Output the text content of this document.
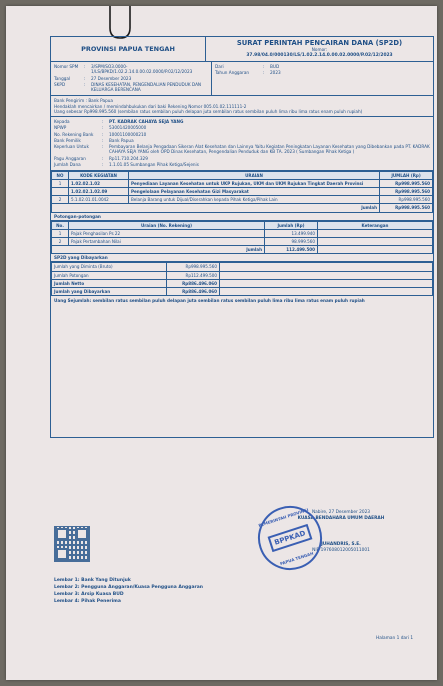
PROVINSI PAPUA TENGAH
SURAT PERINTAH PENCAIRAN DANA (SP2D)
Nomor:
37.98/04.0/000130/LS/1.02.2.14.0.00.02.0000/P.02/12/2023
Nomor SPM	:	3/SPM/SO3.0000-1/LS/BPKD/1.02.2.14.0.00.02.0000/P.02/12/2023
Tanggal	:	27 Desember 2023
SKPD	:	DINAS KESEHATAN, PENGENDALIAN PENDUDUK DAN KELUARGA BERENCANA
Dari	:	BUD
Tahun Anggaran	:	2023
Bank Pengirim : Bank Papua
Hendaklah mencairkan / memindahbukukan dari baki Rekening Nomor 005.01.02.111111-2
Uang sebesar Rp998.995.560 (sembilan ratus sembilan puluh delapan juta sembilan ratus sembilan puluh lima ribu lima ratus enam puluh rupiah)
Kepada	:	PT. KADRAK CAHAYA SEJA YANG
NPWP	:	53001420005000
No. Rekening Bank	:	10001100000210
Bank Pemilik	:	Bank Papua
Keperluan Untuk	:	Pembayaran Belanja Pengadaan Sikeran Alat Kesehatan dan Lainnya Yaitu Kegiatan Peningkatan Layanan Kesehatan yang Dibebankan pada PT. KADRAK CAHAYA SEJA YANG oleh OPD Dinas Kesehatan, Pengendalian Penduduk dan KB TA. 2023 ( Sumbangan Pihak Ketiga )
Pagu Anggaran	:	Rp11.710.204.329
Jumlah Dana	:	1.1.01.05 Sumbangan Pihak Ketiga/Sejenis
NO	KODE KEGIATAN	URAIAN	JUMLAH (Rp)
1	1.02.02.1.02	Penyediaan Layanan Kesehatan untuk UKP Rujukan, UKM dan UKM Rujukan Tingkat Daerah Provinsi	Rp998.995.560
	1.02.02.1.02.09	Pengelolaan Pelayanan Kesehatan Gizi Masyarakat	Rp998.995.560
2	5.1.02.01.01.0042	Belanja Barang untuk Dijual/Diserahkan kepada Pihak Ketiga/Pihak Lain	Rp998.995.560
Jumlah			Rp998.995.560
Potongan-potongan
No.	Uraian (No. Rekening)	Jumlah (Rp)	Keterangan
1	Pajak Penghasilan Ps 22	13.499.940	
2	Pajak Pertambahan Nilai	98.999.560	
Jumlah		112.499.500	
SP2D yang Dibayarkan
Jumlah yang Diminta (Bruto)	Rp998.995.560	
Jumlah Potongan	Rp112.499.500	
Jumlah Netto	Rp886.496.060	
Jumlah yang Dibayarkan	Rp886.496.060	
Uang Sejumlah: sembilan ratus sembilan puluh delapan juta sembilan ratus sembilan puluh lima ribu lima ratus enam puluh rupiah
Nabire, 27 Desember 2023
KUASA BENDAHARA UMUM DAERAH
JUHANDRIS, S.E.
NIP 197608012005011001
PEMERINTAH PROVINSI
BPPKAD
PAPUA TENGAH
Lembar 1: Bank Yang Ditunjuk
Lembar 2: Pengguna Anggaran/Kuasa Pengguna Anggaran
Lembar 3: Arsip Kuasa BUD
Lembar 4: Pihak Penerima
Halaman 1 dari 1
